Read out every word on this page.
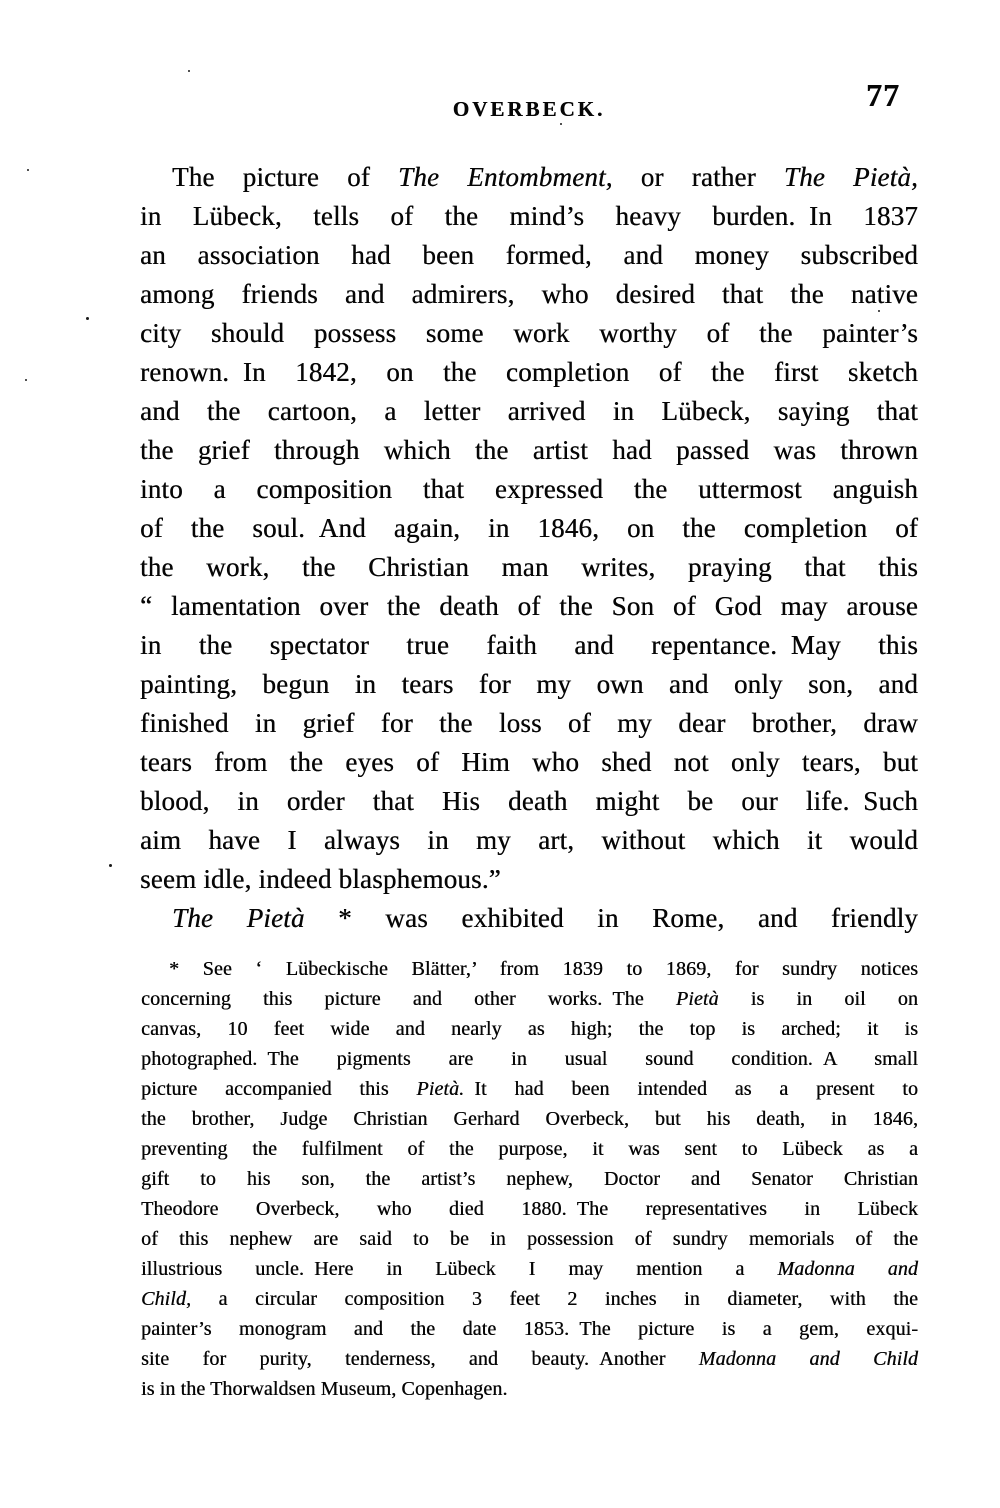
OVERBECK.	77
The picture of The Entombment, or rather The Pietà,
in Lübeck, tells of the mind’s heavy burden. In 1837
an association had been formed, and money subscribed
among friends and admirers, who desired that the native
city should possess some work worthy of the painter’s
renown. In 1842, on the completion of the first sketch
and the cartoon, a letter arrived in Lübeck, saying that
the grief through which the artist had passed was thrown
into a composition that expressed the uttermost anguish
of the soul. And again, in 1846, on the completion of
the work, the Christian man writes, praying that this
“ lamentation over the death of the Son of God may arouse
in the spectator true faith and repentance. May this
painting, begun in tears for my own and only son, and
finished in grief for the loss of my dear brother, draw
tears from the eyes of Him who shed not only tears, but
blood, in order that His death might be our life. Such
aim have I always in my art, without which it would
seem idle, indeed blasphemous.”
The Pietà * was exhibited in Rome, and friendly
* See ‘ Lübeckische Blätter,’ from 1839 to 1869, for sundry notices
concerning this picture and other works. The Pietà is in oil on
canvas, 10 feet wide and nearly as high; the top is arched; it is
photographed. The pigments are in usual sound condition. A small
picture accompanied this Pietà. It had been intended as a present to
the brother, Judge Christian Gerhard Overbeck, but his death, in 1846,
preventing the fulfilment of the purpose, it was sent to Lübeck as a
gift to his son, the artist’s nephew, Doctor and Senator Christian
Theodore Overbeck, who died 1880. The representatives in Lübeck
of this nephew are said to be in possession of sundry memorials of the
illustrious uncle. Here in Lübeck I may mention a Madonna and
Child, a circular composition 3 feet 2 inches in diameter, with the
painter’s monogram and the date 1853. The picture is a gem, exqui-
site for purity, tenderness, and beauty. Another Madonna and Child
is in the Thorwaldsen Museum, Copenhagen.
